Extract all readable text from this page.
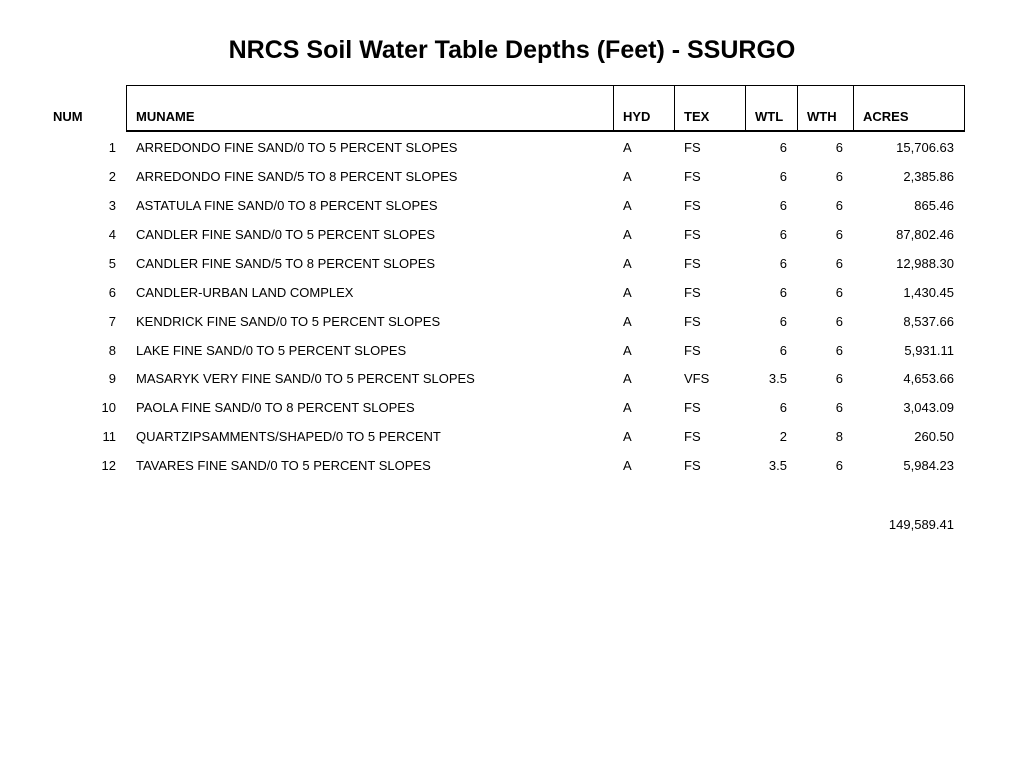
NRCS Soil Water Table Depths (Feet) - SSURGO
NUM	MUNAME	HYD	TEX	WTL WTH ACRES
1 ARREDONDO FINE SAND/0 TO 5 PERCENT SLOPES	A	FS	6	6	15,706.63
2 ARREDONDO FINE SAND/5 TO 8 PERCENT SLOPES	A	FS	6	6	2,385.86
3 ASTATULA FINE SAND/0 TO 8 PERCENT SLOPES	A	FS	6	6	865.46
4 CANDLER FINE SAND/0 TO 5 PERCENT SLOPES	A	FS	6	6	87,802.46
5 CANDLER FINE SAND/5 TO 8 PERCENT SLOPES	A	FS	6	6	12,988.30
6 CANDLER-URBAN LAND COMPLEX	A	FS	6	6	1,430.45
7 KENDRICK FINE SAND/0 TO 5 PERCENT SLOPES	A	FS	6	6	8,537.66
8 LAKE FINE SAND/0 TO 5 PERCENT SLOPES	A	FS	6	6	5,931.11
9 MASARYK VERY FINE SAND/0 TO 5 PERCENT SLOPES	A	VFS	3.5	6	4,653.66
10 PAOLA FINE SAND/0 TO 8 PERCENT SLOPES	A	FS	6	6	3,043.09
11 QUARTZIPSAMMENTS/SHAPED/0 TO 5 PERCENT	A	FS	2	8	260.50
12 TAVARES FINE SAND/0 TO 5 PERCENT SLOPES	A	FS	3.5	6	5,984.23
149,589.41
